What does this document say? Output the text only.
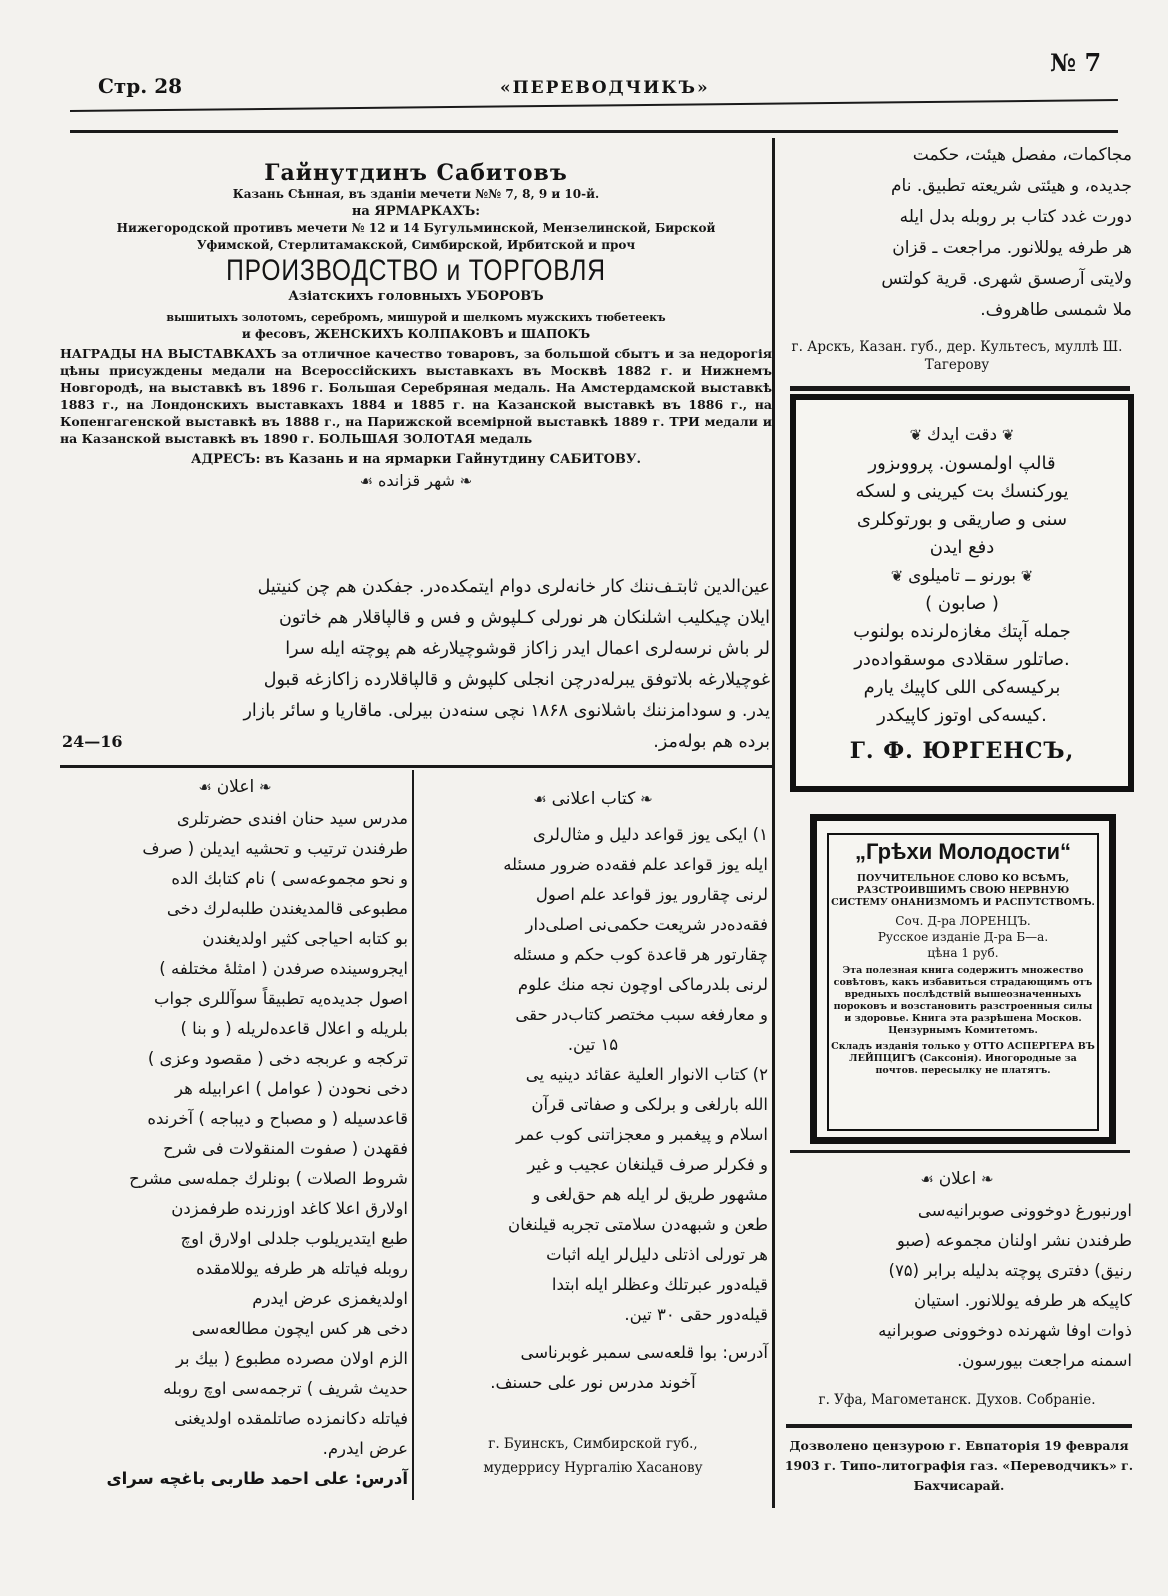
Стр. 28	«ПЕРЕВОДЧИКЪ»
№ 7
Гайнутдинъ Сабитовъ
Казань Сѣнная, въ зданіи мечети №№ 7, 8, 9 и 10-й.
на ЯРМАРКАХЪ:
Нижегородской противъ мечети № 12 и 14 Бугульминской, Мензелинской, Бирской
Уфимской, Стерлитамакской, Симбирской, Ирбитской и проч
ПРОИЗВОДСТВО и ТОРГОВЛЯ
Азіатскихъ головныхъ УБОРОВЪ
вышитыхъ золотомъ, серебромъ, мишурой и шелкомъ мужскихъ тюбетеекъ
и фесовъ, ЖЕНСКИХЪ КОЛПАКОВЪ и ШАПОКЪ
НАГРАДЫ НА ВЫСТАВКАХЪ за отличное качество товаровъ, за большой сбытъ и за недорогія цѣны присуждены медали на Всероссійскихъ выставкахъ въ Москвѣ 1882 г. и Нижнемъ Новгородѣ, на выставкѣ въ 1896 г. Большая Серебряная медаль. На Амстердамской выставкѣ 1883 г., на Лондонскихъ выставкахъ 1884 и 1885 г. на Казанской выставкѣ въ 1886 г., на Копенгагенской выставкѣ въ 1888 г., на Парижской всемірной выставкѣ 1889 г. ТРИ медали и на Казанской выставкѣ въ 1890 г. БОЛЬШАЯ ЗОЛОТАЯ медаль
АДРЕСЪ: въ Казань и на ярмарки Гайнутдину САБИТОВУ.
☙ شهر قزانده ❧
عين‌الدين ثابتـف‌ننك كار خانه‌لرى دوام ايتمكده‌در. جفكدن هم چن كنيتيل
ايلان چيكليب اشلنكان هر نورلى كـلپوش و فس و قالپاقلار هم خاتون
لر باش نرسه‌لرى اعمال ايدر زاكاز قوشوچيلارغه هم پوچته ايله سرا
غوچيلارغه بلاتوفق يبرله‌درچن انجلى كلپوش و قالپاقلارده زاكازغه قبول
يدر. و سودامزننك باشلانوى ۱۸۶۸ نچى سنه‌دن بيرلى. ماقاريا و سائر بازار
برده هم بوله‌مز.
24—16
مجاكمات، مفصل هيئت، حكمت
جديده، و هيئتى شريعته تطبيق. نام
دورت غدد كتاب بر روبله بدل ايله
هر طرفه يوللانور. مراجعت ـ قزان
ولايتى آرصسق شهرى. قرية كولتس
ملا شمسى طاهروف.
г. Арскъ, Казан. губ., дер. Культесъ, муллѣ Ш. Тагерову
❦ دقت ايدك ❦
قالپ اولمسون. پرووىزور
يوركنسك بت كيرينى و لسكه
سنى و صاريقى و بورتوكلرى
دفع ايدن
❦ بورنو ــ تاميلوى ❦
( صابون )
جمله آپتك مغازه‌لرنده بولنوب
صاتلور سقلادى موسقواده‌در.
بركيسه‌كى اللى كاپيك يارم
كيسه‌كى اوتوز كاپيكدر.
Г. Ф. ЮРГЕНСЪ,
„Грѣхи Молодости“
ПОУЧИТЕЛЬНОЕ СЛОВО КО ВСѢМЪ, РАЗСТРОИВШИМЪ СВОЮ НЕРВНУЮ СИСТЕМУ ОНАНИЗМОМЪ И РАСПУТСТВОМЪ.
Соч. Д-ра ЛОРЕНЦЪ.
Русское изданіе Д-ра Б—а.
цѣна 1 руб.
Эта полезная книга содержитъ множество совѣтовъ, какъ избавиться страдающимъ отъ вредныхъ послѣдствій вышеозначенныхъ пороковъ и возстановить разстроенныя силы и здоровье. Книга эта разрѣшена Москов. Цензурнымъ Комитетомъ.
Складъ изданія только у ОТТО АСПЕРГЕРА ВЪ ЛЕЙПЦИГѢ (Саксонія). Иногородные за почтов. пересылку не платятъ.
☙ اعلان ❧
اورنبورغ دوخوونى صوبرانيه‌سى
طرفندن نشر اولنان مجموعه (صبو
رنيق) دفترى پوچته بدليله برابر (۷۵)
كاپيكه هر طرفه يوللانور. استيان
ذوات اوفا شهرنده دوخوونى صوبرانيه
اسمنه مراجعت بيورسون.
г. Уфа, Магометанск. Духов. Собраніе.
Дозволено цензурою г. Евпаторія 19 февраля 1903 г. Типо-литографія газ. «Переводчикъ» г. Бахчисарай.
☙ اعلان ❧
مدرس سيد حنان افندى حضرتلرى
طرفندن ترتيب و تحشيه ايديلن ( صرف
و نحو مجموعه‌سى ) نام كتابك الده
مطبوعى قالمديغندن طلبه‌لرك دخى
بو كتابه احياجى كثير اولديغندن
ايجرو‌سينده صرفدن ( امثلهٔ مختلفه )
اصول جديده‌يه تطبيقاً سوآللرى جواب
بلريله و اعلال قاعده‌لريله ( و بنا )
تركجه و عربجه دخى ( مقصود وعزى )
دخى نحودن ( عوامل ) اعرابيله هر
قاعدسيله ( و مصباح و ديباجه ) آخرنده
فقهدن ( صفوت المنقولات فى شرح
شروط الصلات ) بونلرك جمله‌سى مشرح
اولارق اعلا كاغد اوزرنده طرفمزدن
طبع ايتديريلوب جلدلى اولارق اوچ
روبله فياتله هر طرفه يوللامقده
اولديغمزى عرض ايدرم
دخى هر كس ايچون مطالعه‌سى
الزم اولان مصرده مطبوع ( بيك بر
حديث شريف ) ترجمه‌سى اوچ روبله
فياتله دكانمزده صاتلمقده اولديغنى
عرض ايدرم.
آدرس: على احمد طاربى باغچه سراى
☙ كتاب اعلانى ❧
۱) ايكى يوز قواعد دليل و مثال‌لرى
ايله يوز قواعد علم فقه‌ده ضرور مسئله
لرنى چقارور يوز قواعد علم اصول
فقه‌ده‌در شريعت حكمى‌نى اصلى‌دار
چقارتور هر قاعدة كوب حكم و مسئله
لرنى بلدرماكى اوچون نجه منك علوم
و معارفغه سبب مختصر كتاب‌در حقى
۱۵ تين.
۲) كتاب الانوار العلية عقائد دينيه يى
الله بارلغى و برلكى و صفاتى قرآن
اسلام و پيغمبر و معجزاتنى كوب عمر
و فكرلر صرف قيلنغان عجيب و غير
مشهور طريق لر ايله هم حق‌لغى و
طعن و شبهه‌دن سلامتى تجربه قيلنغان
هر تورلى اذتلى دليل‌لر ايله اثبات
قيله‌دور عبرتلك وعظلر ايله ابتدا
قيله‌دور حقى ۳۰ تين.
آدرس: بوا قلعه‌سى سمبر غوبرناسى
آخوند مدرس نور على حسنف.
г. Буинскъ, Симбирской губ.,
мудеррису Нургалію Хасанову
